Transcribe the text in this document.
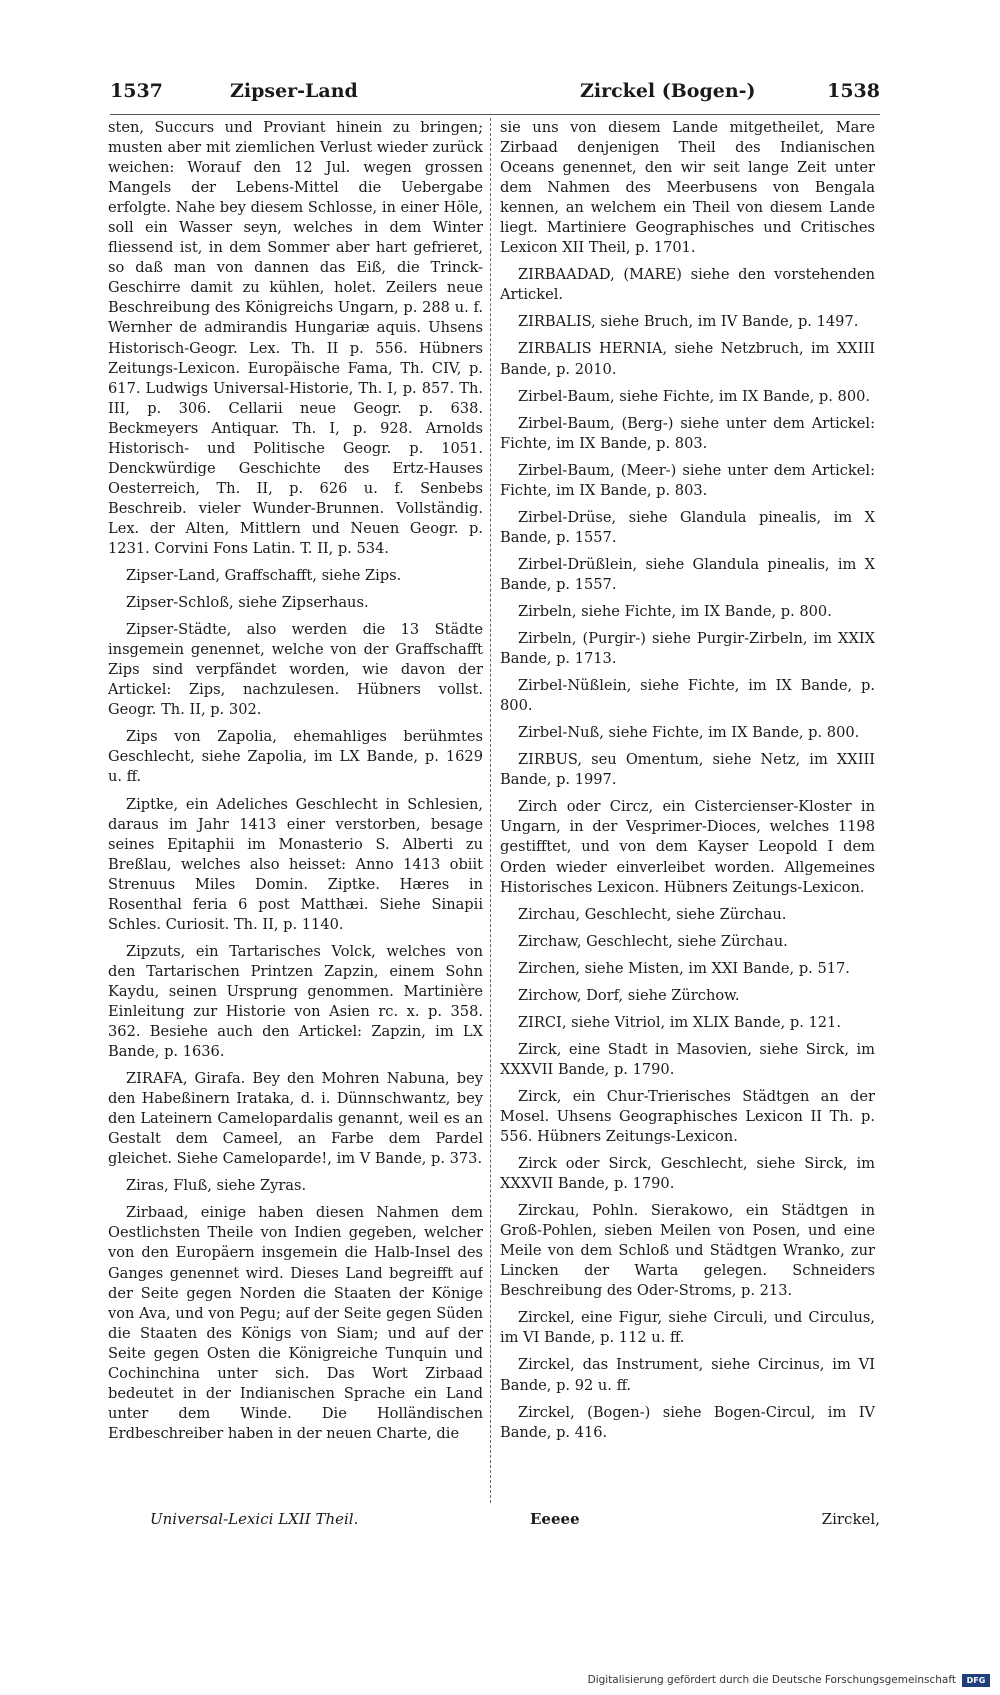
1537	Zipser-Land	Zirckel (Bogen-)	1538

sten, Succurs und Proviant hinein zu bringen; musten aber mit ziemlichen Verlust wieder zurück weichen: Worauf den 12 Jul. wegen grossen Mangels der Lebens-Mittel die Uebergabe erfolgte. Nahe bey diesem Schlosse, in einer Höle, soll ein Wasser seyn, welches in dem Winter fliessend ist, in dem Sommer aber hart gefrieret, so daß man von dannen das Eiß, die Trinck-Geschirre damit zu kühlen, holet. Zeilers neue Beschreibung des Königreichs Ungarn, p. 288 u. f. Wernher de admirandis Hungariæ aquis. Uhsens Historisch-Geogr. Lex. Th. II p. 556. Hübners Zeitungs-Lexicon. Europäische Fama, Th. CIV, p. 617. Ludwigs Universal-Historie, Th. I, p. 857. Th. III, p. 306. Cellarii neue Geogr. p. 638. Beckmeyers Antiquar. Th. I, p. 928. Arnolds Historisch- und Politische Geogr. p. 1051. Denckwürdige Geschichte des Ertz-Hauses Oesterreich, Th. II, p. 626 u. f. Senbebs Beschreib. vieler Wunder-Brunnen. Vollständig. Lex. der Alten, Mittlern und Neuen Geogr. p. 1231. Corvini Fons Latin. T. II, p. 534.

Zipser-Land, Graffschafft, siehe Zips.

Zipser-Schloß, siehe Zipserhaus.

Zipser-Städte, also werden die 13 Städte insgemein genennet, welche von der Graffschafft Zips sind verpfändet worden, wie davon der Artickel: Zips, nachzulesen. Hübners vollst. Geogr. Th. II, p. 302.

Zips von Zapolia, ehemahliges berühmtes Geschlecht, siehe Zapolia, im LX Bande, p. 1629 u. ff.

Ziptke, ein Adeliches Geschlecht in Schlesien, daraus im Jahr 1413 einer verstorben, besage seines Epitaphii im Monasterio S. Alberti zu Breßlau, welches also heisset: Anno 1413 obiit Strenuus Miles Domin. Ziptke. Hæres in Rosenthal feria 6 post Matthæi. Siehe Sinapii Schles. Curiosit. Th. II, p. 1140.

Zipzuts, ein Tartarisches Volck, welches von den Tartarischen Printzen Zapzin, einem Sohn Kaydu, seinen Ursprung genommen. Martinière Einleitung zur Historie von Asien rc. x. p. 358. 362. Besiehe auch den Artickel: Zapzin, im LX Bande, p. 1636.

ZIRAFA, Girafa. Bey den Mohren Nabuna, bey den Habeßinern Irataka, d. i. Dünnschwantz, bey den Lateinern Camelopardalis genannt, weil es an Gestalt dem Cameel, an Farbe dem Pardel gleichet. Siehe Cameloparde!, im V Bande, p. 373.

Ziras, Fluß, siehe Zyras.

Zirbaad, einige haben diesen Nahmen dem Oestlichsten Theile von Indien gegeben, welcher von den Europäern insgemein die Halb-Insel des Ganges genennet wird. Dieses Land begreifft auf der Seite gegen Norden die Staaten der Könige von Ava, und von Pegu; auf der Seite gegen Süden die Staaten des Königs von Siam; und auf der Seite gegen Osten die Königreiche Tunquin und Cochinchina unter sich. Das Wort Zirbaad bedeutet in der Indianischen Sprache ein Land unter dem Winde. Die Holländischen Erdbeschreiber haben in der neuen Charte, die

sie uns von diesem Lande mitgetheilet, Mare Zirbaad denjenigen Theil des Indianischen Oceans genennet, den wir seit lange Zeit unter dem Nahmen des Meerbusens von Bengala kennen, an welchem ein Theil von diesem Lande liegt. Martiniere Geographisches und Critisches Lexicon XII Theil, p. 1701.

ZIRBAADAD, (MARE) siehe den vorstehenden Artickel.

ZIRBALIS, siehe Bruch, im IV Bande, p. 1497.

ZIRBALIS HERNIA, siehe Netzbruch, im XXIII Bande, p. 2010.

Zirbel-Baum, siehe Fichte, im IX Bande, p. 800.

Zirbel-Baum, (Berg-) siehe unter dem Artickel: Fichte, im IX Bande, p. 803.

Zirbel-Baum, (Meer-) siehe unter dem Artickel: Fichte, im IX Bande, p. 803.

Zirbel-Drüse, siehe Glandula pinealis, im X Bande, p. 1557.

Zirbel-Drüßlein, siehe Glandula pinealis, im X Bande, p. 1557.

Zirbeln, siehe Fichte, im IX Bande, p. 800.

Zirbeln, (Purgir-) siehe Purgir-Zirbeln, im XXIX Bande, p. 1713.

Zirbel-Nüßlein, siehe Fichte, im IX Bande, p. 800.

Zirbel-Nuß, siehe Fichte, im IX Bande, p. 800.

ZIRBUS, seu Omentum, siehe Netz, im XXIII Bande, p. 1997.

Zirch oder Circz, ein Cistercienser-Kloster in Ungarn, in der Vesprimer-Dioces, welches 1198 gestifftet, und von dem Kayser Leopold I dem Orden wieder einverleibet worden. Allgemeines Historisches Lexicon. Hübners Zeitungs-Lexicon.

Zirchau, Geschlecht, siehe Zürchau.

Zirchaw, Geschlecht, siehe Zürchau.

Zirchen, siehe Misten, im XXI Bande, p. 517.

Zirchow, Dorf, siehe Zürchow.

ZIRCI, siehe Vitriol, im XLIX Bande, p. 121.

Zirck, eine Stadt in Masovien, siehe Sirck, im XXXVII Bande, p. 1790.

Zirck, ein Chur-Trierisches Städtgen an der Mosel. Uhsens Geographisches Lexicon II Th. p. 556. Hübners Zeitungs-Lexicon.

Zirck oder Sirck, Geschlecht, siehe Sirck, im XXXVII Bande, p. 1790.

Zirckau, Pohln. Sierakowo, ein Städtgen in Groß-Pohlen, sieben Meilen von Posen, und eine Meile von dem Schloß und Städtgen Wranko, zur Lincken der Warta gelegen. Schneiders Beschreibung des Oder-Stroms, p. 213.

Zirckel, eine Figur, siehe Circuli, und Circulus, im VI Bande, p. 112 u. ff.

Zirckel, das Instrument, siehe Circinus, im VI Bande, p. 92 u. ff.

Zirckel, (Bogen-) siehe Bogen-Circul, im IV Bande, p. 416.

Universal-Lexici LXII Theil.	Eeeee	Zirckel,
Digitalisierung gefördert durch die Deutsche Forschungsgemeinschaft	DFG
